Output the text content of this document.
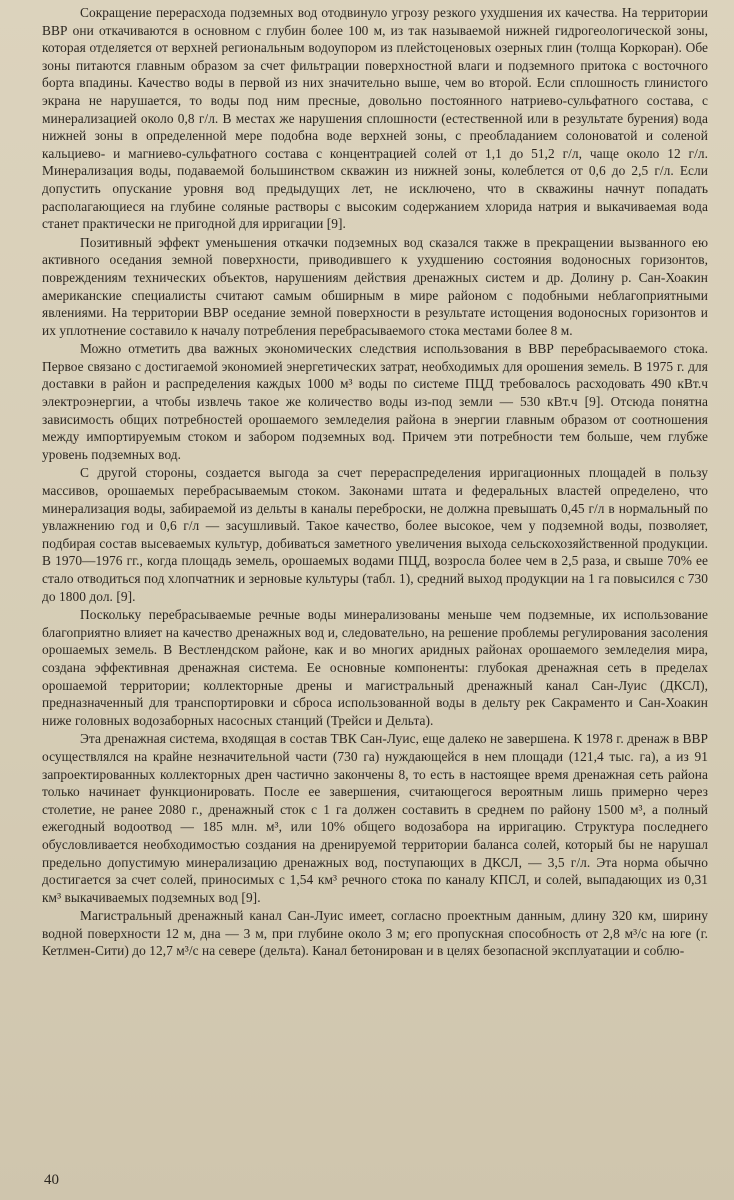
Сокращение перерасхода подземных вод отодвинуло угрозу резкого ухудшения их качества. На территории ВВР они откачиваются в основном с глубин более 100 м, из так называемой нижней гидрогеологической зоны, которая отделяется от верхней региональным водоупором из плейстоценовых озерных глин (толща Коркоран). Обе зоны питаются главным образом за счет фильтрации поверхностной влаги и подземного притока с восточного борта впадины. Качество воды в первой из них значительно выше, чем во второй. Если сплошность глинистого экрана не нарушается, то воды под ним пресные, довольно постоянного натриево-сульфатного состава, с минерализацией около 0,8 г/л. В местах же нарушения сплошности (естественной или в результате бурения) вода нижней зоны в определенной мере подобна воде верхней зоны, с преобладанием солоноватой и соленой кальциево- и магниево-сульфатного состава с концентрацией солей от 1,1 до 51,2 г/л, чаще около 12 г/л. Минерализация воды, подаваемой большинством скважин из нижней зоны, колеблется от 0,6 до 2,5 г/л. Если допустить опускание уровня вод предыдущих лет, не исключено, что в скважины начнут попадать располагающиеся на глубине соляные растворы с высоким содержанием хлорида натрия и выкачиваемая вода станет практически не пригодной для ирригации [9].

Позитивный эффект уменьшения откачки подземных вод сказался также в прекращении вызванного ею активного оседания земной поверхности, приводившего к ухудшению состояния водоносных горизонтов, повреждениям технических объектов, нарушениям действия дренажных систем и др. Долину р. Сан-Хоакин американские специалисты считают самым обширным в мире районом с подобными неблагоприятными явлениями. На территории ВВР оседание земной поверхности в результате истощения водоносных горизонтов и их уплотнение составило к началу потребления перебрасываемого стока местами более 8 м.

Можно отметить два важных экономических следствия использования в ВВР перебрасываемого стока. Первое связано с достигаемой экономией энергетических затрат, необходимых для орошения земель. В 1975 г. для доставки в район и распределения каждых 1000 м³ воды по системе ПЦД требовалось расходовать 490 кВт.ч электроэнергии, а чтобы извлечь такое же количество воды из-под земли — 530 кВт.ч [9]. Отсюда понятна зависимость общих потребностей орошаемого земледелия района в энергии главным образом от соотношения между импортируемым стоком и забором подземных вод. Причем эти потребности тем больше, чем глубже уровень подземных вод.

С другой стороны, создается выгода за счет перераспределения ирригационных площадей в пользу массивов, орошаемых перебрасываемым стоком. Законами штата и федеральных властей определено, что минерализация воды, забираемой из дельты в каналы переброски, не должна превышать 0,45 г/л в нормальный по увлажнению год и 0,6 г/л — засушливый. Такое качество, более высокое, чем у подземной воды, позволяет, подбирая состав высеваемых культур, добиваться заметного увеличения выхода сельскохозяйственной продукции. В 1970—1976 гг., когда площадь земель, орошаемых водами ПЦД, возросла более чем в 2,5 раза, и свыше 70% ее стало отводиться под хлопчатник и зерновые культуры (табл. 1), средний выход продукции на 1 га повысился с 730 до 1800 дол. [9].

Поскольку перебрасываемые речные воды минерализованы меньше чем подземные, их использование благоприятно влияет на качество дренажных вод и, следовательно, на решение проблемы регулирования засоления орошаемых земель. В Вестлендском районе, как и во многих аридных районах орошаемого земледелия мира, создана эффективная дренажная система. Ее основные компоненты: глубокая дренажная сеть в пределах орошаемой территории; коллекторные дрены и магистральный дренажный канал Сан-Луис (ДКСЛ), предназначенный для транспортировки и сброса использованной воды в дельту рек Сакраменто и Сан-Хоакин ниже головных водозаборных насосных станций (Трейси и Дельта).

Эта дренажная система, входящая в состав ТВК Сан-Луис, еще далеко не завершена. К 1978 г. дренаж в ВВР осуществлялся на крайне незначительной части (730 га) нуждающейся в нем площади (121,4 тыс. га), а из 91 запроектированных коллекторных дрен частично закончены 8, то есть в настоящее время дренажная сеть района только начинает функционировать. После ее завершения, считающегося вероятным лишь примерно через столетие, не ранее 2080 г., дренажный сток с 1 га должен составить в среднем по району 1500 м³, а полный ежегодный водоотвод — 185 млн. м³, или 10% общего водозабора на ирригацию. Структура последнего обусловливается необходимостью создания на дренируемой территории баланса солей, который бы не нарушал предельно допустимую минерализацию дренажных вод, поступающих в ДКСЛ, — 3,5 г/л. Эта норма обычно достигается за счет солей, приносимых с 1,54 км³ речного стока по каналу КПСЛ, и солей, выпадающих из 0,31 км³ выкачиваемых подземных вод [9].

Магистральный дренажный канал Сан-Луис имеет, согласно проектным данным, длину 320 км, ширину водной поверхности 12 м, дна — 3 м, при глубине около 3 м; его пропускная способность от 2,8 м³/с на юге (г. Кетлмен-Сити) до 12,7 м³/с на севере (дельта). Канал бетонирован и в целях безопасной эксплуатации и соблю-

40
